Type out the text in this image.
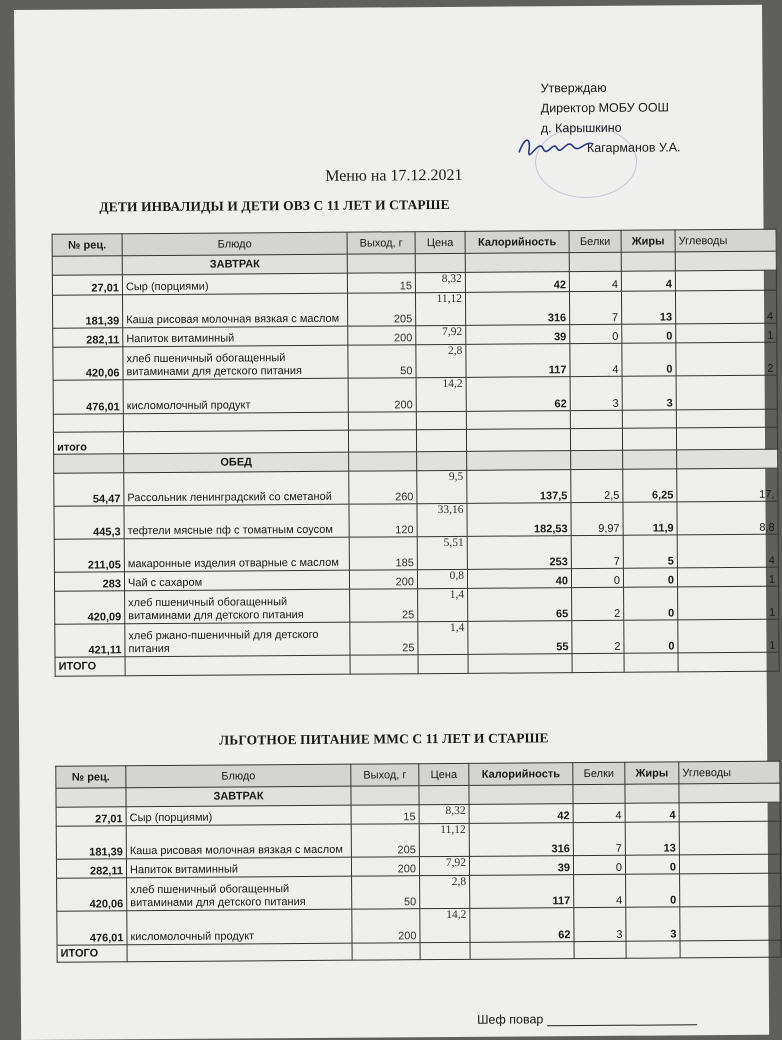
Утверждаю
Директор МОБУ ООШ
д. Карышкино
Кагарманов У.А.
Меню на 17.12.2021
ДЕТИ ИНВАЛИДЫ И ДЕТИ ОВЗ С 11 ЛЕТ И СТАРШЕ
№ рец.	Блюдо	Выход, г	Цена	Калорийность	Белки	Жиры	Углеводы
	ЗАВТРАК						
27,01	Сыр (порциями)	15	8,32	42	4	4	
181,39	Каша рисовая молочная вязкая с маслом	205	11,12	316	7	13	4
282,11	Напиток витаминный	200	7,92	39	0	0	1
420,06	хлеб пшеничный обогащенный витаминами для детского питания	50	2,8	117	4	0	2
476,01	кисломолочный продукт	200	14,2	62	3	3	

итого							
	ОБЕД						
54,47	Рассольник ленинградский со сметаной	260	9,5	137,5	2,5	6,25	17,
445,3	тефтели мясные пф с томатным соусом	120	33,16	182,53	9,97	11,9	8,8
211,05	макаронные изделия отварные с маслом	185	5,51	253	7	5	4
283	Чай с сахаром	200	0,8	40	0	0	1
420,09	хлеб пшеничный обогащенный витаминами для детского питания	25	1,4	65	2	0	1
421,11	хлеб ржано-пшеничный для детского питания	25	1,4	55	2	0	1
ИТОГО							
ЛЬГОТНОЕ ПИТАНИЕ ММС С 11 ЛЕТ И СТАРШЕ
№ рец.	Блюдо	Выход, г	Цена	Калорийность	Белки	Жиры	Углеводы
	ЗАВТРАК						
27,01	Сыр (порциями)	15	8,32	42	4	4	
181,39	Каша рисовая молочная вязкая с маслом	205	11,12	316	7	13	
282,11	Напиток витаминный	200	7,92	39	0	0	
420,06	хлеб пшеничный обогащенный витаминами для детского питания	50	2,8	117	4	0	
476,01	кисломолочный продукт	200	14,2	62	3	3	
ИТОГО							
Шеф повар
